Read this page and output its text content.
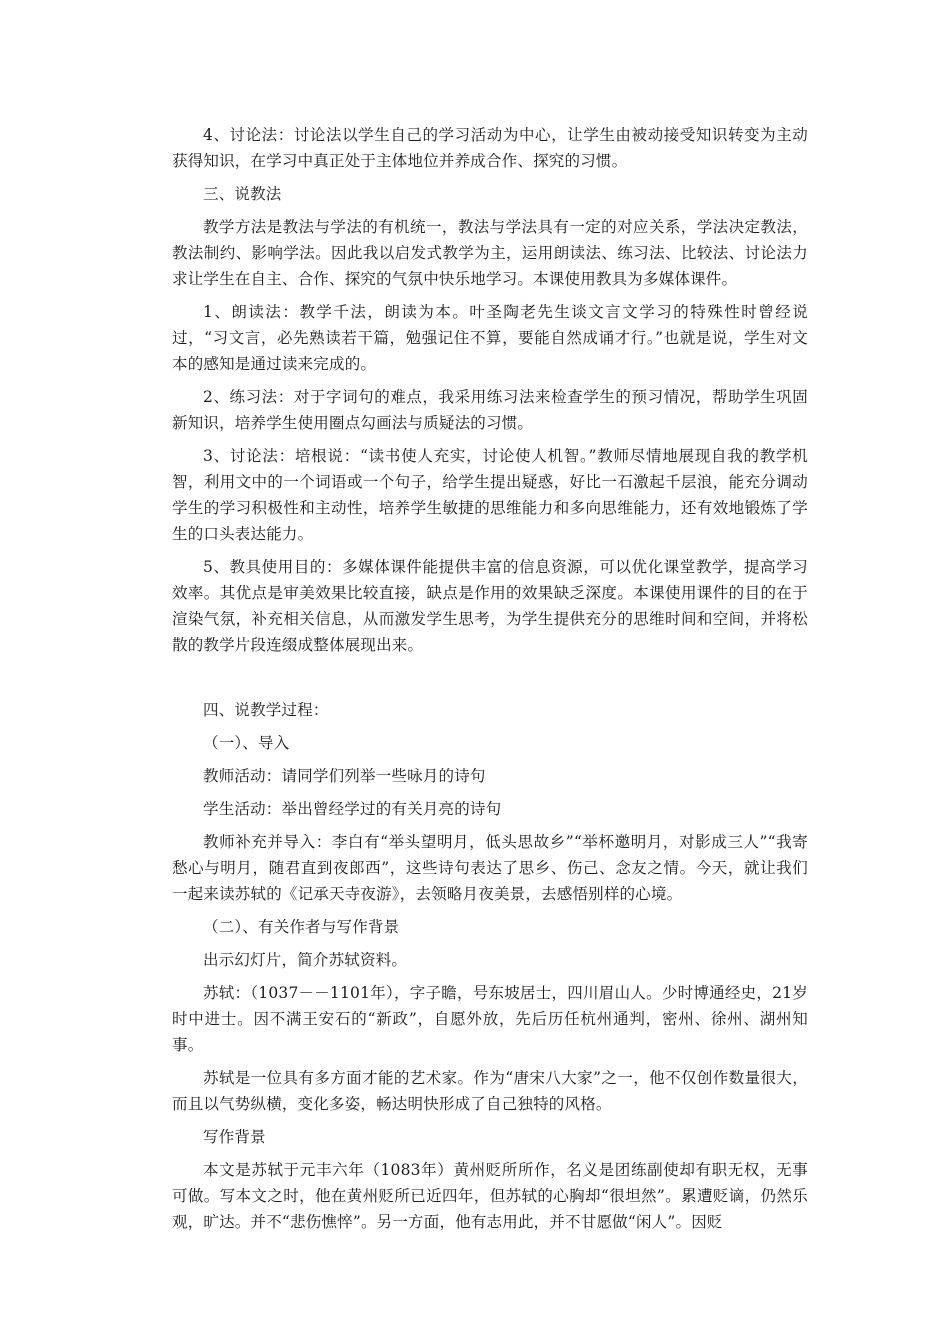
4、讨论法：讨论法以学生自己的学习活动为中心，让学生由被动接受知识转变为主动获得知识，在学习中真正处于主体地位并养成合作、探究的习惯。

三、说教法

教学方法是教法与学法的有机统一，教法与学法具有一定的对应关系，学法决定教法，教法制约、影响学法。因此我以启发式教学为主，运用朗读法、练习法、比较法、讨论法力求让学生在自主、合作、探究的气氛中快乐地学习。本课使用教具为多媒体课件。

1、朗读法：教学千法，朗读为本。叶圣陶老先生谈文言文学习的特殊性时曾经说过，“习文言，必先熟读若干篇，勉强记住不算，要能自然成诵才行。”也就是说，学生对文本的感知是通过读来完成的。

2、练习法：对于字词句的难点，我采用练习法来检查学生的预习情况，帮助学生巩固新知识，培养学生使用圈点勾画法与质疑法的习惯。

3、讨论法：培根说：“读书使人充实，讨论使人机智。”教师尽情地展现自我的教学机智，利用文中的一个词语或一个句子，给学生提出疑惑，好比一石激起千层浪，能充分调动学生的学习积极性和主动性，培养学生敏捷的思维能力和多向思维能力，还有效地锻炼了学生的口头表达能力。

5、教具使用目的：多媒体课件能提供丰富的信息资源，可以优化课堂教学，提高学习效率。其优点是审美效果比较直接，缺点是作用的效果缺乏深度。本课使用课件的目的在于渲染气氛，补充相关信息，从而激发学生思考，为学生提供充分的思维时间和空间，并将松散的教学片段连缀成整体展现出来。

四、说教学过程：

（一）、导入

教师活动：请同学们列举一些咏月的诗句

学生活动：举出曾经学过的有关月亮的诗句

教师补充并导入：李白有“举头望明月，低头思故乡”“举杯邀明月，对影成三人”“我寄愁心与明月，随君直到夜郎西”，这些诗句表达了思乡、伤己、念友之情。今天，就让我们一起来读苏轼的《记承天寺夜游》，去领略月夜美景，去感悟别样的心境。

（二）、有关作者与写作背景

出示幻灯片，简介苏轼资料。

苏轼：（1037－－1101年），字子瞻，号东坡居士，四川眉山人。少时博通经史，21岁时中进士。因不满王安石的“新政”，自愿外放，先后历任杭州通判，密州、徐州、湖州知事。

苏轼是一位具有多方面才能的艺术家。作为“唐宋八大家”之一，他不仅创作数量很大，而且以气势纵横，变化多姿，畅达明快形成了自己独特的风格。

写作背景

本文是苏轼于元丰六年（1083年）黄州贬所所作，名义是团练副使却有职无权，无事可做。写本文之时，他在黄州贬所已近四年，但苏轼的心胸却“很坦然”。累遭贬谪，仍然乐观，旷达。并不“悲伤憔悴”。另一方面，他有志用此，并不甘愿做“闲人”。因贬
